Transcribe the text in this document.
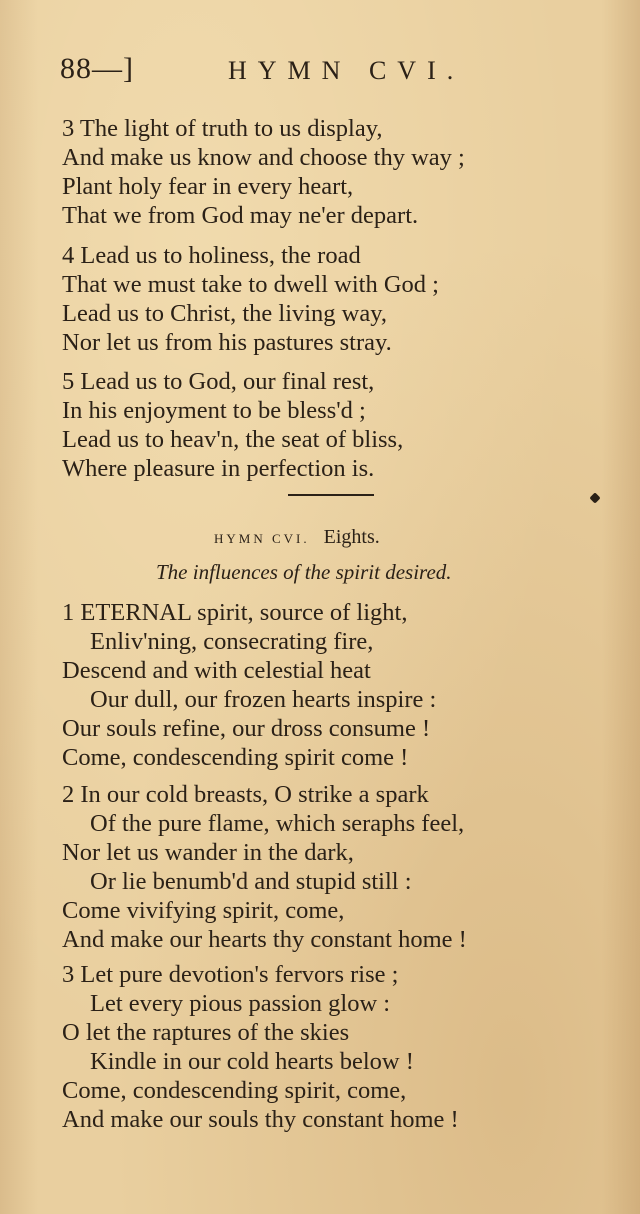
88—]	HYMN CVI.
3 The light of truth to us display,
And make us know and choose thy way ;
Plant holy fear in every heart,
That we from God may ne'er depart.
4 Lead us to holiness, the road
That we must take to dwell with God ;
Lead us to Christ, the living way,
Nor let us from his pastures stray.
5 Lead us to God, our final rest,
In his enjoyment to be bless'd ;
Lead us to heav'n, the seat of bliss,
Where pleasure in perfection is.
HYMN CVI. Eights.
The influences of the spirit desired.
1 ETERNAL spirit, source of light,
Enliv'ning, consecrating fire,
Descend and with celestial heat
Our dull, our frozen hearts inspire :
Our souls refine, our dross consume !
Come, condescending spirit come !
2 In our cold breasts, O strike a spark
Of the pure flame, which seraphs feel,
Nor let us wander in the dark,
Or lie benumb'd and stupid still :
Come vivifying spirit, come,
And make our hearts thy constant home !
3 Let pure devotion's fervors rise ;
Let every pious passion glow :
O let the raptures of the skies
Kindle in our cold hearts below !
Come, condescending spirit, come,
And make our souls thy constant home !
